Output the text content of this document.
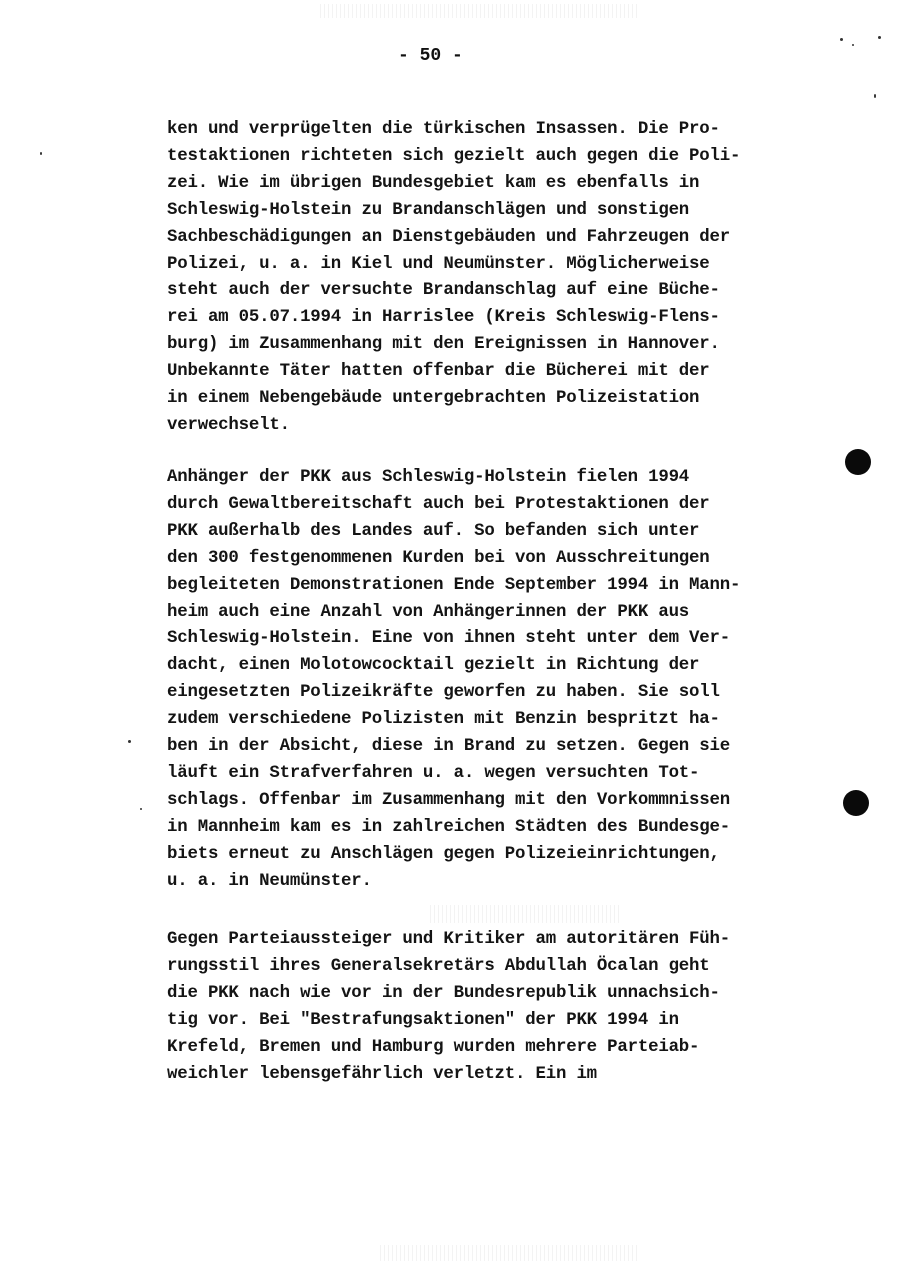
- 50 -
ken und verprügelten die türkischen Insassen. Die Pro-
testaktionen richteten sich gezielt auch gegen die Poli-
zei. Wie im übrigen Bundesgebiet kam es ebenfalls in
Schleswig-Holstein zu Brandanschlägen und sonstigen
Sachbeschädigungen an Dienstgebäuden und Fahrzeugen der
Polizei, u. a. in Kiel und Neumünster. Möglicherweise
steht auch der versuchte Brandanschlag auf eine Büche-
rei am 05.07.1994 in Harrislee (Kreis Schleswig-Flens-
burg) im Zusammenhang mit den Ereignissen in Hannover.
Unbekannte Täter hatten offenbar die Bücherei mit der
in einem Nebengebäude untergebrachten Polizeistation
verwechselt.
Anhänger der PKK aus Schleswig-Holstein fielen 1994
durch Gewaltbereitschaft auch bei Protestaktionen der
PKK außerhalb des Landes auf. So befanden sich unter
den 300 festgenommenen Kurden bei von Ausschreitungen
begleiteten Demonstrationen Ende September 1994 in Mann-
heim auch eine Anzahl von Anhängerinnen der PKK aus
Schleswig-Holstein. Eine von ihnen steht unter dem Ver-
dacht, einen Molotowcocktail gezielt in Richtung der
eingesetzten Polizeikräfte geworfen zu haben. Sie soll
zudem verschiedene Polizisten mit Benzin bespritzt ha-
ben in der Absicht, diese in Brand zu setzen. Gegen sie
läuft ein Strafverfahren u. a. wegen versuchten Tot-
schlags. Offenbar im Zusammenhang mit den Vorkommnissen
in Mannheim kam es in zahlreichen Städten des Bundesge-
biets erneut zu Anschlägen gegen Polizeieinrichtungen,
u. a. in Neumünster.
Gegen Parteiaussteiger und Kritiker am autoritären Füh-
rungsstil ihres Generalsekretärs Abdullah Öcalan geht
die PKK nach wie vor in der Bundesrepublik unnachsich-
tig vor. Bei "Bestrafungsaktionen" der PKK 1994 in
Krefeld, Bremen und Hamburg wurden mehrere Parteiab-
weichler lebensgefährlich verletzt. Ein im
